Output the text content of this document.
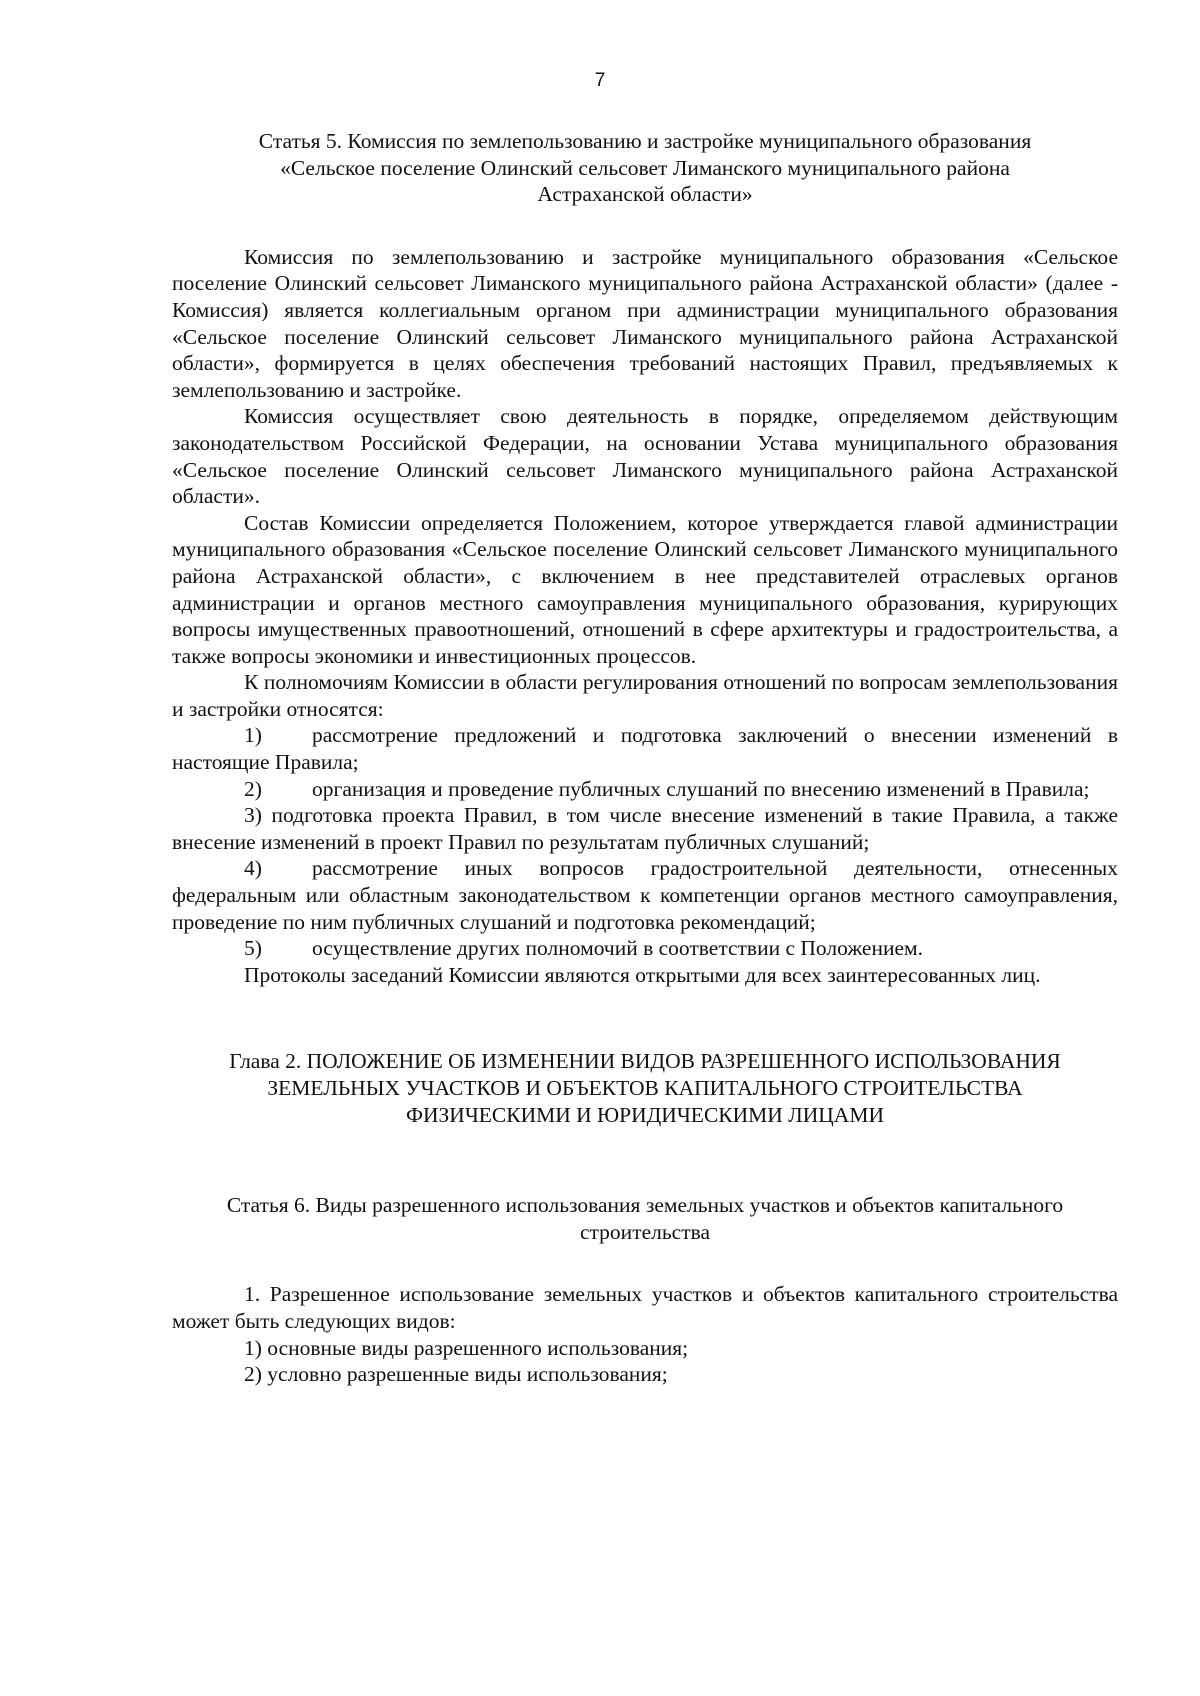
7

Статья 5. Комиссия по землепользованию и застройке муниципального образования

«Сельское поселение Олинский сельсовет Лиманского муниципального района

Астраханской области»

Комиссия по землепользованию и застройке муниципального образования «Сельское поселение Олинский сельсовет Лиманского муниципального района Астраханской области» (далее - Комиссия) является коллегиальным органом при администрации муниципального образования «Сельское поселение Олинский сельсовет Лиманского муниципального района Астраханской области», формируется в целях обеспечения требований настоящих Правил, предъявляемых к землепользованию и застройке.

Комиссия осуществляет свою деятельность в порядке, определяемом действующим законодательством Российской Федерации, на основании Устава муниципального образования «Сельское поселение Олинский сельсовет Лиманского муниципального района Астраханской области».

Состав Комиссии определяется Положением, которое утверждается главой администрации муниципального образования «Сельское поселение Олинский сельсовет Лиманского муниципального района Астраханской области», с включением в нее представителей отраслевых органов администрации и органов местного самоуправления муниципального образования, курирующих вопросы имущественных правоотношений, отношений в сфере архитектуры и градостроительства, а также вопросы экономики и инвестиционных процессов.

К полномочиям Комиссии в области регулирования отношений по вопросам землепользования и застройки относятся:

1) рассмотрение предложений и подготовка заключений о внесении изменений в настоящие Правила;

2) организация и проведение публичных слушаний по внесению изменений в Правила;

3) подготовка проекта Правил, в том числе внесение изменений в такие Правила, а также внесение изменений в проект Правил по результатам публичных слушаний;

4) рассмотрение иных вопросов градостроительной деятельности, отнесенных федеральным или областным законодательством к компетенции органов местного самоуправления, проведение по ним публичных слушаний и подготовка рекомендаций;

5) осуществление других полномочий в соответствии с Положением.

Протоколы заседаний Комиссии являются открытыми для всех заинтересованных лиц.

Глава 2. ПОЛОЖЕНИЕ ОБ ИЗМЕНЕНИИ ВИДОВ РАЗРЕШЕННОГО ИСПОЛЬЗОВАНИЯ

ЗЕМЕЛЬНЫХ УЧАСТКОВ И ОБЪЕКТОВ КАПИТАЛЬНОГО СТРОИТЕЛЬСТВА

ФИЗИЧЕСКИМИ И ЮРИДИЧЕСКИМИ ЛИЦАМИ

Статья 6. Виды разрешенного использования земельных участков и объектов капитального

строительства

1. Разрешенное использование земельных участков и объектов капитального строительства может быть следующих видов:

1) основные виды разрешенного использования;

2) условно разрешенные виды использования;
